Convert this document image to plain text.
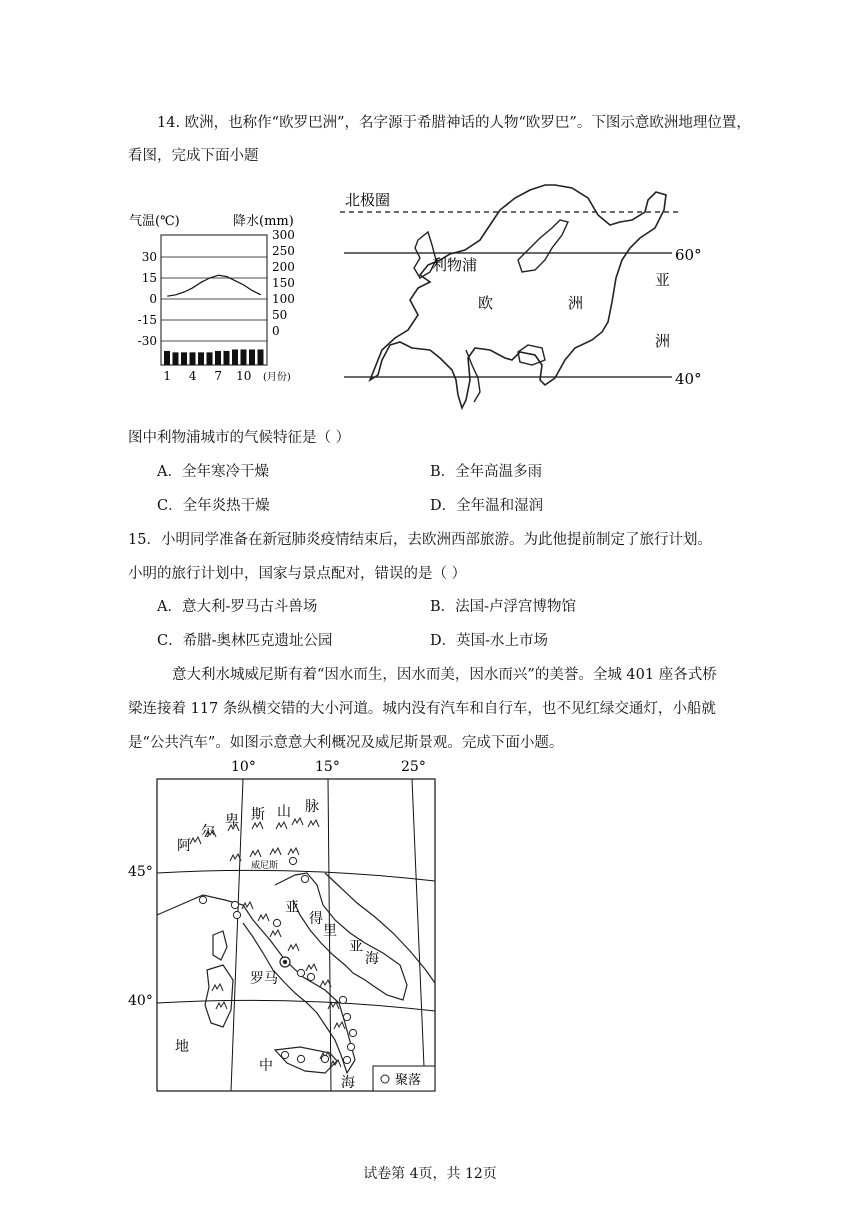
14. 欧洲，也称作“欧罗巴洲”，名字源于希腊神话的人物“欧罗巴”。下图示意欧洲地理位置，
看图，完成下面小题
气温(℃)	降水(mm)
30
15
0
-15
-30
300
250
200
150
100
50
0
1 4 7 10 (月份)
北极圈
60°
40°
利物浦
欧	洲
亚
洲
图中利物浦城市的气候特征是（ ）
A．全年寒冷干燥	B．全年高温多雨
C．全年炎热干燥	D．全年温和湿润
15．小明同学准备在新冠肺炎疫情结束后，去欧洲西部旅游。为此他提前制定了旅行计划。
小明的旅行计划中，国家与景点配对，错误的是（ ）
A．意大利-罗马古斗兽场	B．法国-卢浮宫博物馆
C．希腊-奥林匹克遗址公园	D．英国-水上市场
意大利水城威尼斯有着“因水而生，因水而美，因水而兴”的美誉。全城 401 座各式桥
梁连接着 117 条纵横交错的大小河道。城内没有汽车和自行车，也不见红绿交通灯，小船就
是“公共汽车”。如图示意意大利概况及威尼斯景观。完成下面小题。
10°	15°	25°
45°
40°
阿
尔
卑 斯 山 脉
威尼斯
亚
得
里
亚
海
罗马
地
中
海	聚落
试卷第 4页，共 12页
